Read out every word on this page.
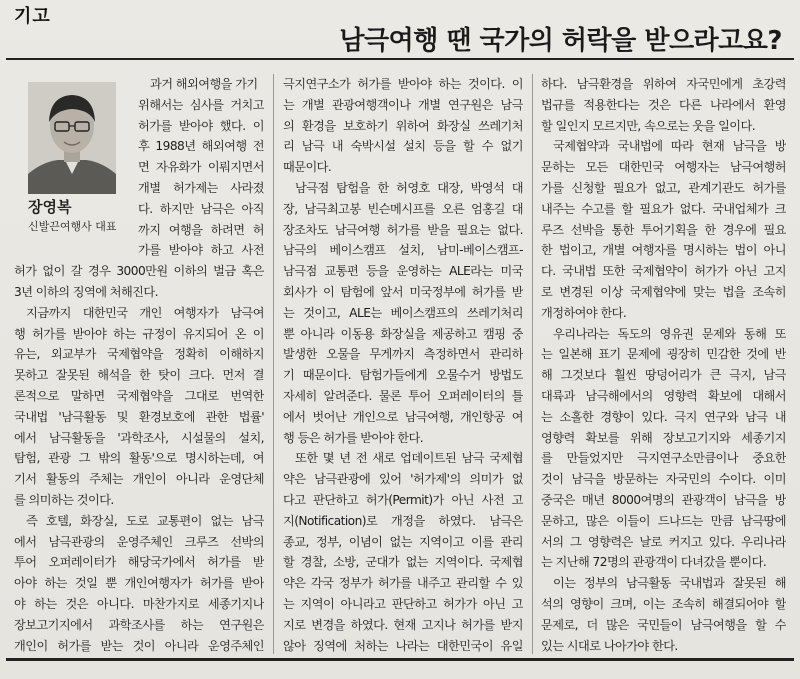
기고
남극여행 땐 국가의 허락을 받으라고요?
장영복
신발끈여행사 대표
과거 해외여행을 가기
위해서는 심사를 거치고
허가를 받아야 했다. 이
후 1988년 해외여행 전
면 자유화가 이뤄지면서
개별 허가제는 사라졌
다. 하지만 남극은 아직
까지 여행을 하려면 허
가를 받아야 하고 사전
허가 없이 갈 경우 3000만원 이하의 벌금 혹은
3년 이하의 징역에 처해진다.
지금까지 대한민국 개인 여행자가 남극여
행 허가를 받아야 하는 규정이 유지되어 온 이
유는, 외교부가 국제협약을 정확히 이해하지
못하고 잘못된 해석을 한 탓이 크다. 먼저 결
론적으로 말하면 국제협약을 그대로 번역한
국내법 '남극활동 및 환경보호에 관한 법률'
에서 남극활동을 '과학조사, 시설물의 설치,
탐험, 관광 그 밖의 활동'으로 명시하는데, 여
기서 활동의 주체는 개인이 아니라 운영단체
를 의미하는 것이다.
즉 호텔, 화장실, 도로 교통편이 없는 남극
에서 남극관광의 운영주체인 크루즈 선박의
투어 오퍼레이터가 해당국가에서 허가를 받
아야 하는 것일 뿐 개인여행자가 허가를 받아
야 하는 것은 아니다. 마찬가지로 세종기지나
장보고기지에서 과학조사를 하는 연구원은
개인이 허가를 받는 것이 아니라 운영주체인
극지연구소가 허가를 받아야 하는 것이다. 이
는 개별 관광여행객이나 개별 연구원은 남극
의 환경을 보호하기 위하여 화장실 쓰레기처
리 남극 내 숙박시설 설치 등을 할 수 없기
때문이다.
남극점 탐험을 한 허영호 대장, 박영석 대
장, 남극최고봉 빈슨메시프를 오른 엄홍길 대
장조차도 남극여행 허가를 받을 필요는 없다.
남극의 베이스캠프 설치, 남미-베이스캠프-
남극점 교통편 등을 운영하는 ALE라는 미국
회사가 이 탐험에 앞서 미국정부에 허가를 받
는 것이고, ALE는 베이스캠프의 쓰레기처리
뿐 아니라 이동용 화장실을 제공하고 캠핑 중
발생한 오물을 무게까지 측정하면서 관리하
기 때문이다. 탐험가들에게 오물수거 방법도
자세히 알려준다. 물론 투어 오퍼레이터의 틀
에서 벗어난 개인으로 남극여행, 개인항공 여
행 등은 허가를 받아야 한다.
또한 몇 년 전 새로 업데이트된 남극 국제협
약은 남극관광에 있어 '허가제'의 의미가 없
다고 판단하고 허가(Permit)가 아닌 사전 고
지(Notification)로 개정을 하였다. 남극은
종교, 정부, 이념이 없는 지역이고 이를 관리
할 경찰, 소방, 군대가 없는 지역이다. 국제협
약은 각국 정부가 허가를 내주고 관리할 수 있
는 지역이 아니라고 판단하고 허가가 아닌 고
지로 변경을 하였다. 현재 고지나 허가를 받지
않아 징역에 처하는 나라는 대한민국이 유일
하다. 남극환경을 위하여 자국민에게 초강력
법규를 적용한다는 것은 다른 나라에서 환영
할 일인지 모르지만, 속으로는 웃을 일이다.
국제협약과 국내법에 따라 현재 남극을 방
문하는 모든 대한민국 여행자는 남극여행허
가를 신청할 필요가 없고, 관계기관도 허가를
내주는 수고를 할 필요가 없다. 국내업체가 크
루즈 선박을 통한 투어기획을 한 경우에 필요
한 법이고, 개별 여행자를 명시하는 법이 아니
다. 국내법 또한 국제협약이 허가가 아닌 고지
로 변경된 이상 국제협약에 맞는 법을 조속히
개정하여야 한다.
우리나라는 독도의 영유권 문제와 동해 또
는 일본해 표기 문제에 굉장히 민감한 것에 반
해 그것보다 훨씬 땅덩어리가 큰 극지, 남극
대륙과 남극해에서의 영향력 확보에 대해서
는 소홀한 경향이 있다. 극지 연구와 남극 내
영향력 확보를 위해 장보고기지와 세종기지
를 만들었지만 극지연구소만큼이나 중요한
것이 남극을 방문하는 자국민의 수이다. 이미
중국은 매년 8000여명의 관광객이 남극을 방
문하고, 많은 이들이 드나드는 만큼 남극땅에
서의 그 영향력은 날로 커지고 있다. 우리나라
는 지난해 72명의 관광객이 다녀갔을 뿐이다.
이는 정부의 남극활동 국내법과 잘못된 해
석의 영향이 크며, 이는 조속히 해결되어야 할
문제로, 더 많은 국민들이 남극여행을 할 수
있는 시대로 나아가야 한다.
